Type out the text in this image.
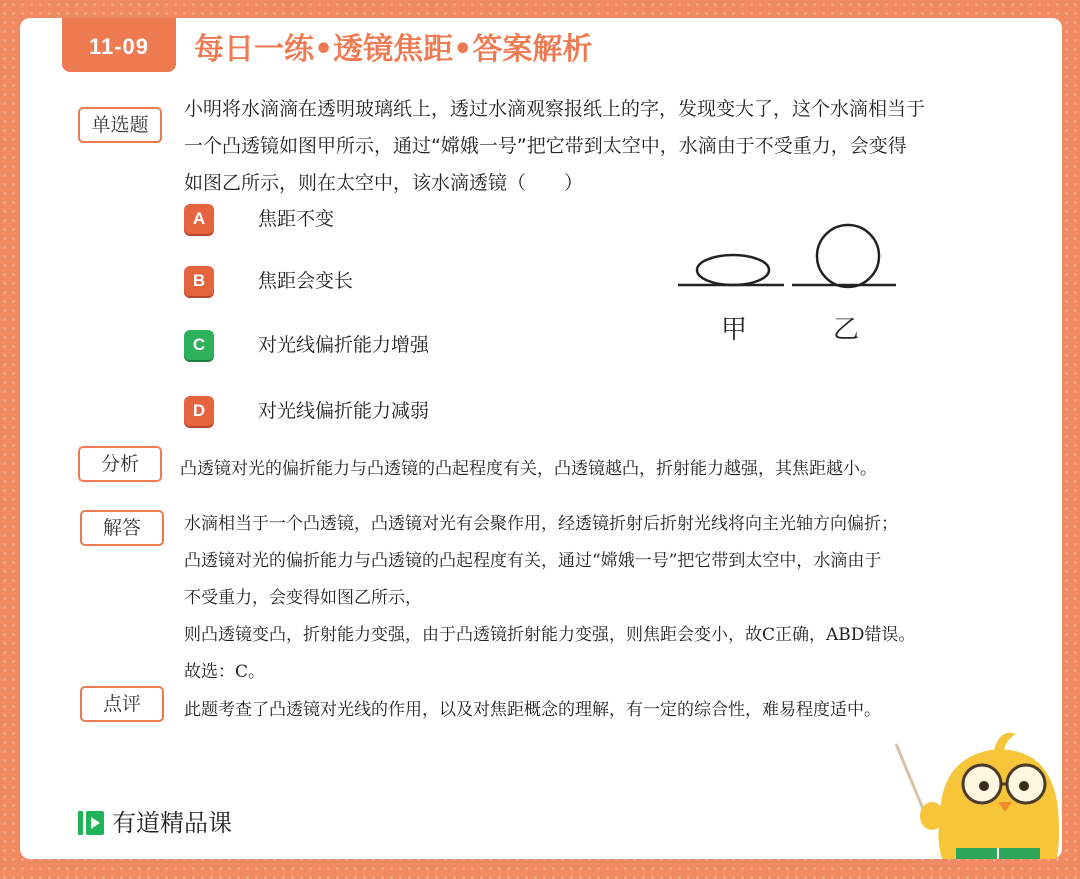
11-09	每日一练•透镜焦距•答案解析
单选题
小明将水滴滴在透明玻璃纸上，透过水滴观察报纸上的字，发现变大了，这个水滴相当于
一个凸透镜如图甲所示，通过“嫦娥一号”把它带到太空中，水滴由于不受重力，会变得
如图乙所示，则在太空中，该水滴透镜（　　）
A	焦距不变
B	焦距会变长
C	对光线偏折能力增强
D	对光线偏折能力减弱
甲	乙
分析	凸透镜对光的偏折能力与凸透镜的凸起程度有关，凸透镜越凸，折射能力越强，其焦距越小。
解答	水滴相当于一个凸透镜，凸透镜对光有会聚作用，经透镜折射后折射光线将向主光轴方向偏折；
凸透镜对光的偏折能力与凸透镜的凸起程度有关，通过“嫦娥一号”把它带到太空中，水滴由于
不受重力，会变得如图乙所示，
则凸透镜变凸，折射能力变强，由于凸透镜折射能力变强，则焦距会变小，故C正确，ABD错误。
故选：C。
点评	此题考查了凸透镜对光线的作用，以及对焦距概念的理解，有一定的综合性，难易程度适中。
有道精品课
